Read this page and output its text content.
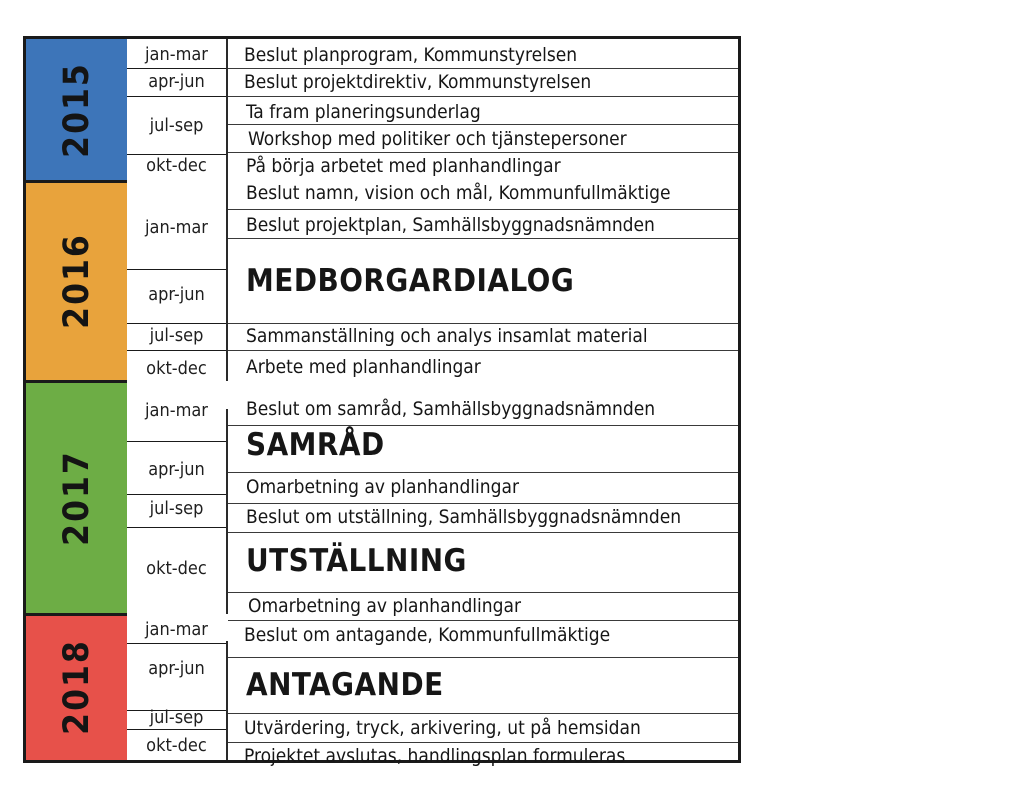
2015
2016
2017
2018
jan-mar
apr-jun
jul-sep
okt-dec
jan-mar
apr-jun
jul-sep
okt-dec
jan-mar
apr-jun
jul-sep
okt-dec
jan-mar
apr-jun
jul-sep
okt-dec
Beslut planprogram, Kommunstyrelsen
Beslut projektdirektiv, Kommunstyrelsen
Ta fram planeringsunderlag
Workshop med politiker och tjänstepersoner
På börja arbetet med planhandlingar
Beslut namn, vision och mål, Kommunfullmäktige
Beslut projektplan, Samhällsbyggnadsnämnden
MEDBORGARDIALOG
Sammanställning och analys insamlat material
Arbete med planhandlingar
Beslut om samråd, Samhällsbyggnadsnämnden
SAMRÅD
Omarbetning av planhandlingar
Beslut om utställning, Samhällsbyggnadsnämnden
UTSTÄLLNING
Omarbetning av planhandlingar
Beslut om antagande, Kommunfullmäktige
ANTAGANDE
Utvärdering, tryck, arkivering, ut på hemsidan
Projektet avslutas, handlingsplan formuleras
